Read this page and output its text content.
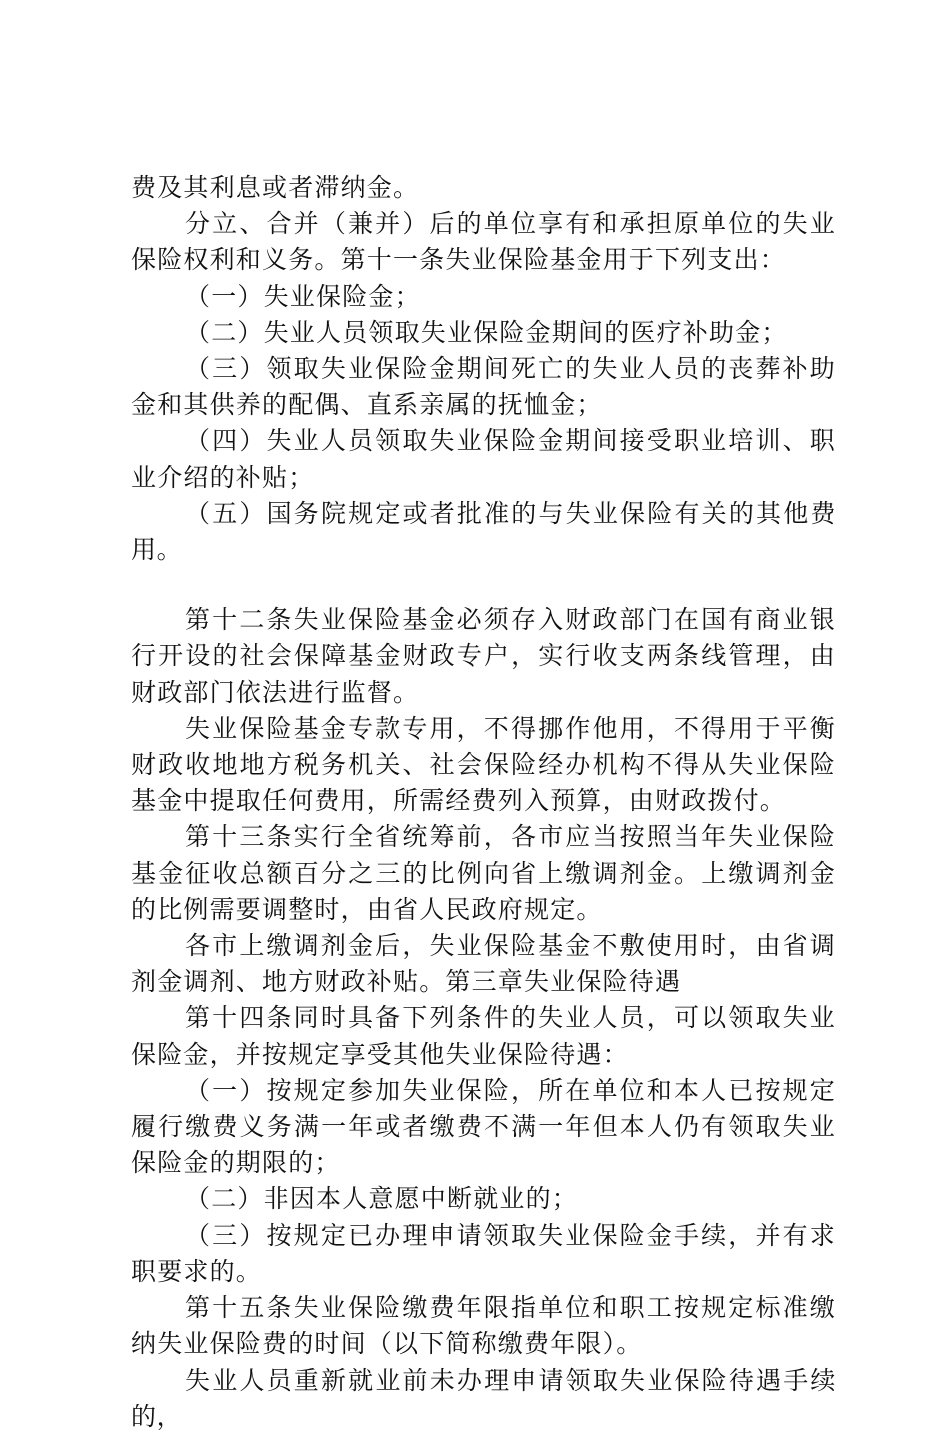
费及其利息或者滞纳金。

分立、合并（兼并）后的单位享有和承担原单位的失业保险权利和义务。第十一条失业保险基金用于下列支出：

（一）失业保险金；

（二）失业人员领取失业保险金期间的医疗补助金；

（三）领取失业保险金期间死亡的失业人员的丧葬补助金和其供养的配偶、直系亲属的抚恤金；

（四）失业人员领取失业保险金期间接受职业培训、职业介绍的补贴；

（五）国务院规定或者批准的与失业保险有关的其他费用。

第十二条失业保险基金必须存入财政部门在国有商业银行开设的社会保障基金财政专户，实行收支两条线管理，由财政部门依法进行监督。

失业保险基金专款专用，不得挪作他用，不得用于平衡财政收地地方税务机关、社会保险经办机构不得从失业保险基金中提取任何费用，所需经费列入预算，由财政拨付。

第十三条实行全省统筹前，各市应当按照当年失业保险基金征收总额百分之三的比例向省上缴调剂金。上缴调剂金的比例需要调整时，由省人民政府规定。

各市上缴调剂金后，失业保险基金不敷使用时，由省调剂金调剂、地方财政补贴。第三章失业保险待遇

第十四条同时具备下列条件的失业人员，可以领取失业保险金，并按规定享受其他失业保险待遇：

（一）按规定参加失业保险，所在单位和本人已按规定履行缴费义务满一年或者缴费不满一年但本人仍有领取失业保险金的期限的；

（二）非因本人意愿中断就业的；

（三）按规定已办理申请领取失业保险金手续，并有求职要求的。

第十五条失业保险缴费年限指单位和职工按规定标准缴纳失业保险费的时间（以下简称缴费年限）。

失业人员重新就业前未办理申请领取失业保险待遇手续的，
